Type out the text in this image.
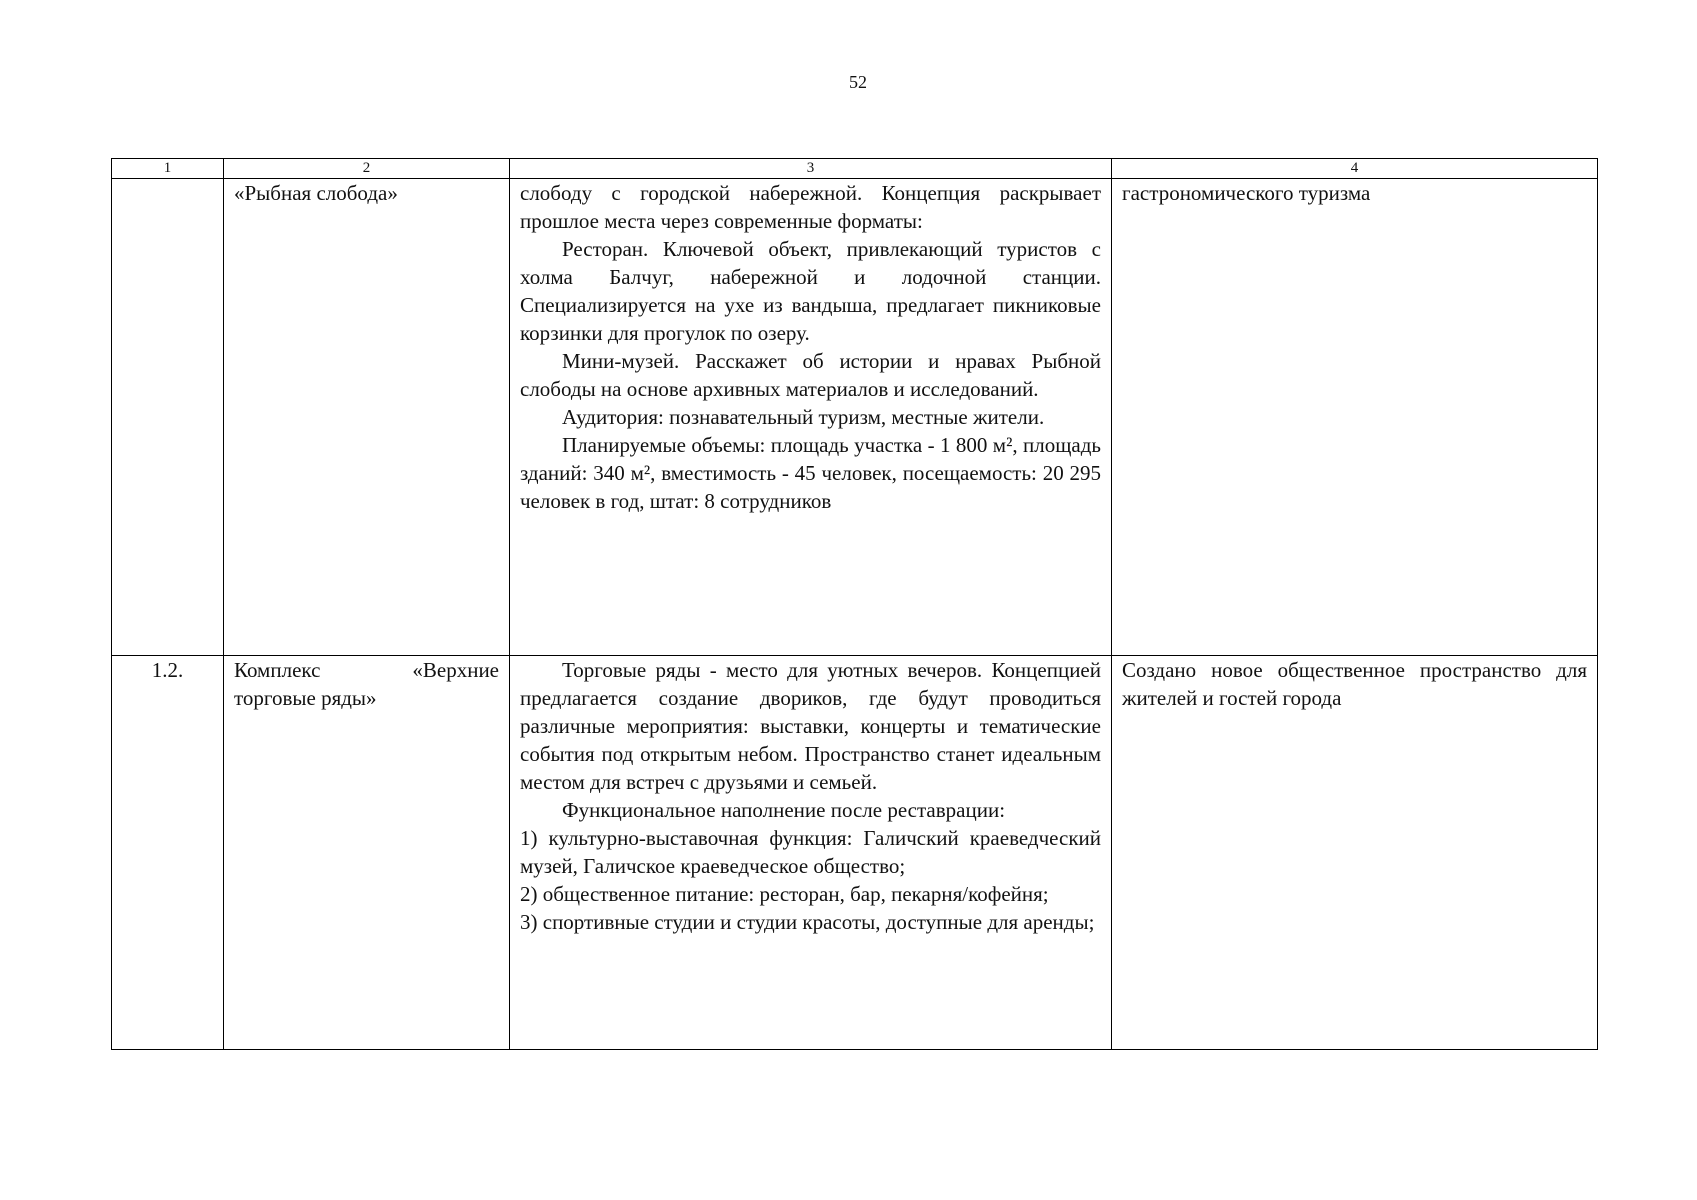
52
1	2	3	4
	«Рыбная слобода»	слободу с городской набережной. Концепция раскрывает прошлое места через современные форматы:

Ресторан. Ключевой объект, привлекающий туристов с холма Балчуг, набережной и лодочной станции. Специализируется на ухе из вандыша, предлагает пикниковые корзинки для прогулок по озеру.

Мини-музей. Расскажет об истории и нравах Рыбной слободы на основе архивных материалов и исследований.

Аудитория: познавательный туризм, местные жители.

Планируемые объемы: площадь участка - 1 800 м², площадь зданий: 340 м², вместимость - 45 человек, посещаемость: 20 295 человек в год, штат: 8 сотрудников	гастрономического туризма
1.2.	Комплекс «Верхние торговые ряды»	Торговые ряды - место для уютных вечеров. Концепцией предлагается создание двориков, где будут проводиться различные мероприятия: выставки, концерты и тематические события под открытым небом. Пространство станет идеальным местом для встреч с друзьями и семьей.

Функциональное наполнение после реставрации:

1) культурно-выставочная функция: Галичский краеведческий музей, Галичское краеведческое общество;

2) общественное питание: ресторан, бар, пекарня/кофейня;

3) спортивные студии и студии красоты, доступные для аренды;	Создано новое общественное пространство для жителей и гостей города
